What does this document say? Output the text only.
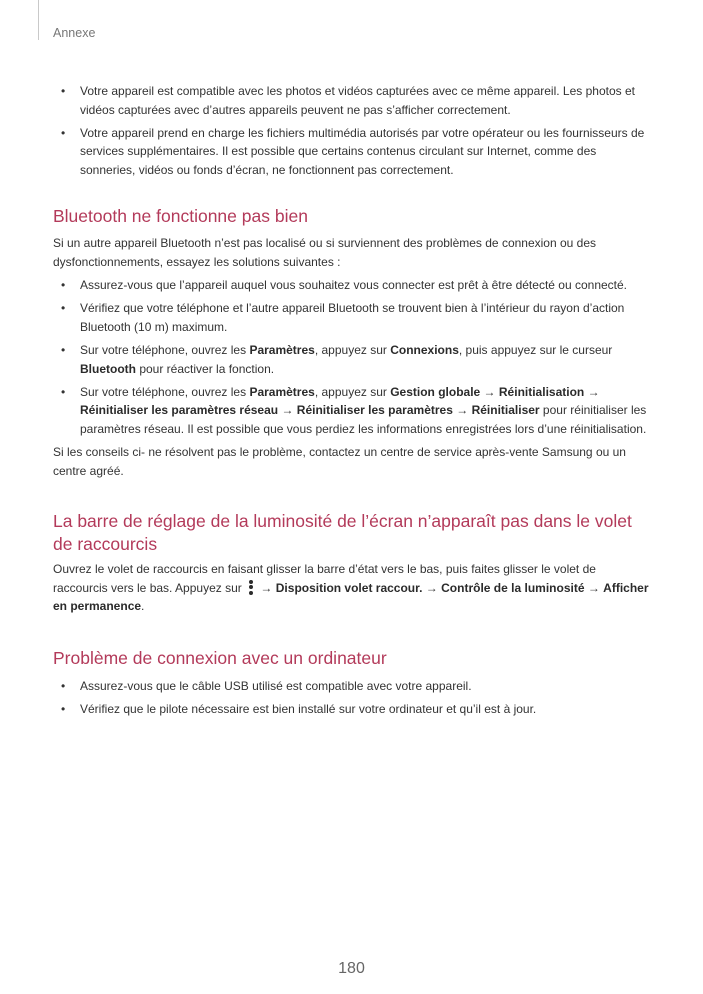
Annexe
• Votre appareil est compatible avec les photos et vidéos capturées avec ce même appareil. Les photos et vidéos capturées avec d’autres appareils peuvent ne pas s’afficher correctement.
• Votre appareil prend en charge les fichiers multimédia autorisés par votre opérateur ou les fournisseurs de services supplémentaires. Il est possible que certains contenus circulant sur Internet, comme des sonneries, vidéos ou fonds d’écran, ne fonctionnent pas correctement.
Bluetooth ne fonctionne pas bien

Si un autre appareil Bluetooth n’est pas localisé ou si surviennent des problèmes de connexion ou des dysfonctionnements, essayez les solutions suivantes :

• Assurez-vous que l’appareil auquel vous souhaitez vous connecter est prêt à être détecté ou connecté.
• Vérifiez que votre téléphone et l’autre appareil Bluetooth se trouvent bien à l’intérieur du rayon d’action Bluetooth (10 m) maximum.
• Sur votre téléphone, ouvrez les Paramètres, appuyez sur Connexions, puis appuyez sur le curseur Bluetooth pour réactiver la fonction.
• Sur votre téléphone, ouvrez les Paramètres, appuyez sur Gestion globale → Réinitialisation → Réinitialiser les paramètres réseau → Réinitialiser les paramètres → Réinitialiser pour réinitialiser les paramètres réseau. Il est possible que vous perdiez les informations enregistrées lors d’une réinitialisation.

Si les conseils ci- ne résolvent pas le problème, contactez un centre de service après-vente Samsung ou un centre agréé.

La barre de réglage de la luminosité de l’écran n’apparaît pas dans le volet de raccourcis

Ouvrez le volet de raccourcis en faisant glisser la barre d’état vers le bas, puis faites glisser le volet de raccourcis vers le bas. Appuyez sur
→ Disposition volet raccour. → Contrôle de la luminosité → Afficher en permanence.

Problème de connexion avec un ordinateur
• Assurez-vous que le câble USB utilisé est compatible avec votre appareil.
• Vérifiez que le pilote nécessaire est bien installé sur votre ordinateur et qu’il est à jour.
180
